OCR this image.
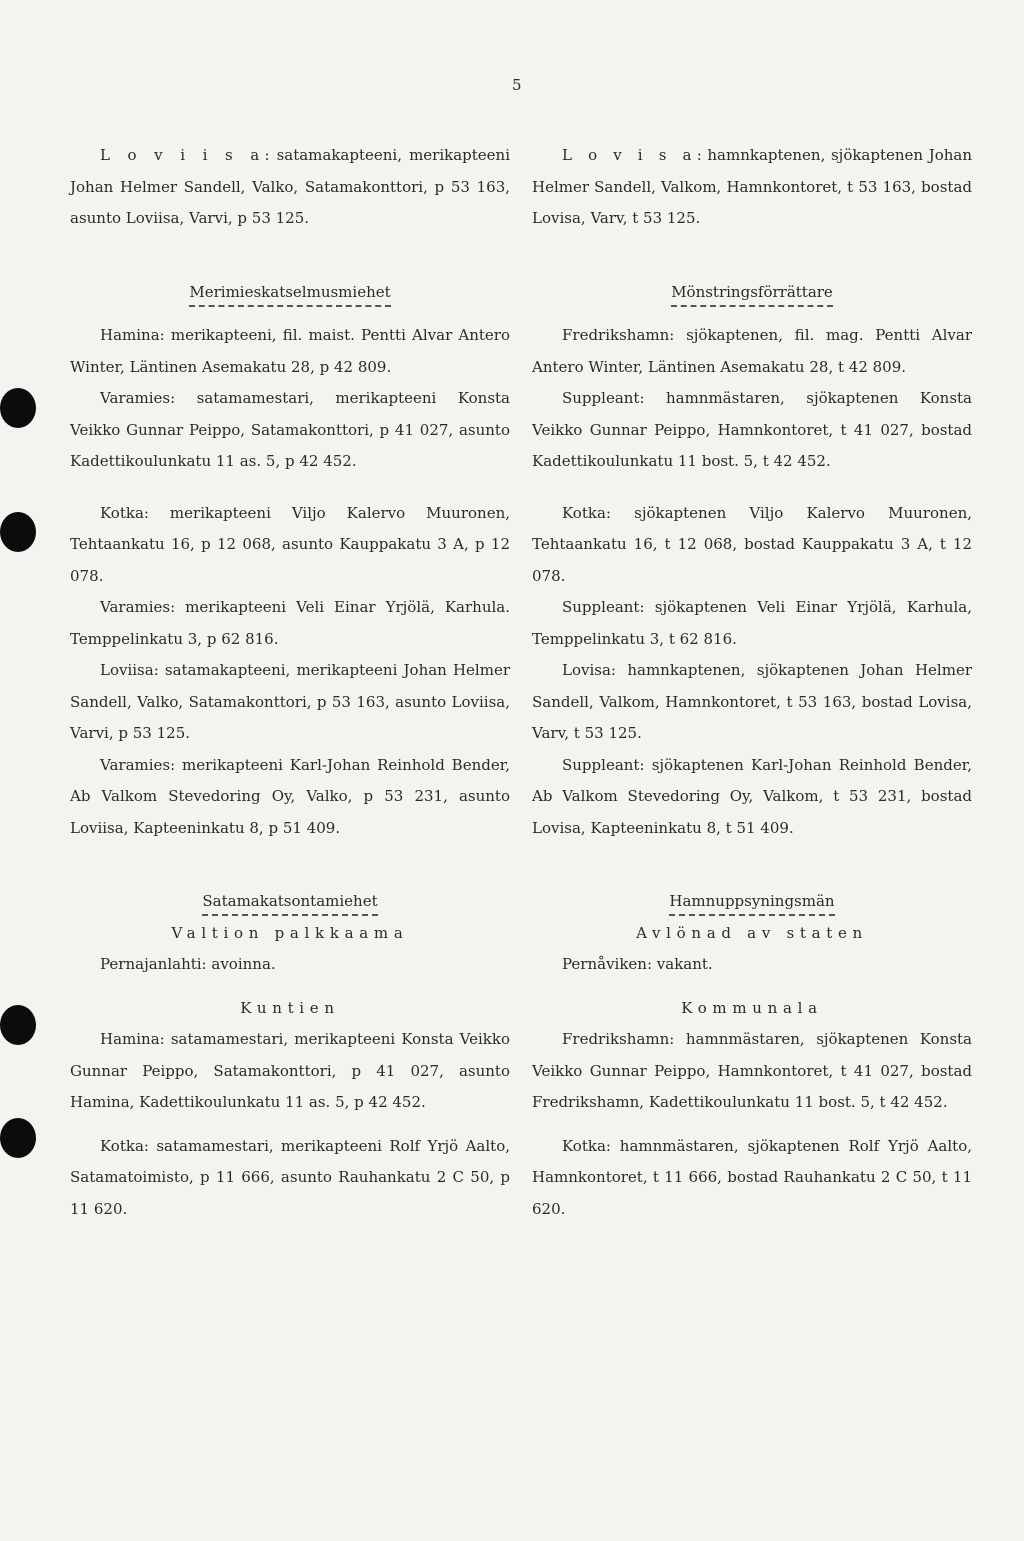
5

L o v i i s a: satamakapteeni, merikapteeni Johan Helmer Sandell, Valko, Satamakonttori, p 53 163, asunto Loviisa, Varvi, p 53 125.

Merimieskatselmusmiehet

Hamina: merikapteeni, fil. maist. Pentti Alvar Antero Winter, Läntinen Asemakatu 28, p 42 809.

Varamies: satamamestari, merikapteeni Konsta Veikko Gunnar Peippo, Satamakonttori, p 41 027, asunto Kadettikoulunkatu 11 as. 5, p 42 452.

Kotka: merikapteeni Viljo Kalervo Muuronen, Tehtaankatu 16, p 12 068, asunto Kauppakatu 3 A, p 12 078.

Varamies: merikapteeni Veli Einar Yrjölä, Karhula. Temppelinkatu 3, p 62 816.

Loviisa: satamakapteeni, merikapteeni Johan Helmer Sandell, Valko, Satamakonttori, p 53 163, asunto Loviisa, Varvi, p 53 125.

Varamies: merikapteeni Karl-Johan Reinhold Bender, Ab Valkom Stevedoring Oy, Valko, p 53 231, asunto Loviisa, Kapteeninkatu 8, p 51 409.

Satamakatsontamiehet

Valtion palkkaama

Pernajanlahti: avoinna.

Kuntien

Hamina: satamamestari, merikapteeni Konsta Veikko Gunnar Peippo, Satamakonttori, p 41 027, asunto Hamina, Kadettikoulunkatu 11 as. 5, p 42 452.

Kotka: satamamestari, merikapteeni Rolf Yrjö Aalto, Satamatoimisto, p 11 666, asunto Rauhankatu 2 C 50, p 11 620.

L o v i s a: hamnkaptenen, sjökaptenen Johan Helmer Sandell, Valkom, Hamnkontoret, t 53 163, bostad Lovisa, Varv, t 53 125.

Mönstringsförrättare

Fredrikshamn: sjökaptenen, fil. mag. Pentti Alvar Antero Winter, Läntinen Asemakatu 28, t 42 809.

Suppleant: hamnmästaren, sjökaptenen Konsta Veikko Gunnar Peippo, Hamnkontoret, t 41 027, bostad Kadettikoulunkatu 11 bost. 5, t 42 452.

Kotka: sjökaptenen Viljo Kalervo Muuronen, Tehtaankatu 16, t 12 068, bostad Kauppakatu 3 A, t 12 078.

Suppleant: sjökaptenen Veli Einar Yrjölä, Karhula, Temppelinkatu 3, t 62 816.

Lovisa: hamnkaptenen, sjökaptenen Johan Helmer Sandell, Valkom, Hamnkontoret, t 53 163, bostad Lovisa, Varv, t 53 125.

Suppleant: sjökaptenen Karl-Johan Reinhold Bender, Ab Valkom Stevedoring Oy, Valkom, t 53 231, bostad Lovisa, Kapteeninkatu 8, t 51 409.

Hamnuppsyningsmän

Avlönad av staten

Pernåviken: vakant.

Kommunala

Fredrikshamn: hamnmästaren, sjökaptenen Konsta Veikko Gunnar Peippo, Hamnkontoret, t 41 027, bostad Fredrikshamn, Kadettikoulunkatu 11 bost. 5, t 42 452.

Kotka: hamnmästaren, sjökaptenen Rolf Yrjö Aalto, Hamnkontoret, t 11 666, bostad Rauhankatu 2 C 50, t 11 620.
